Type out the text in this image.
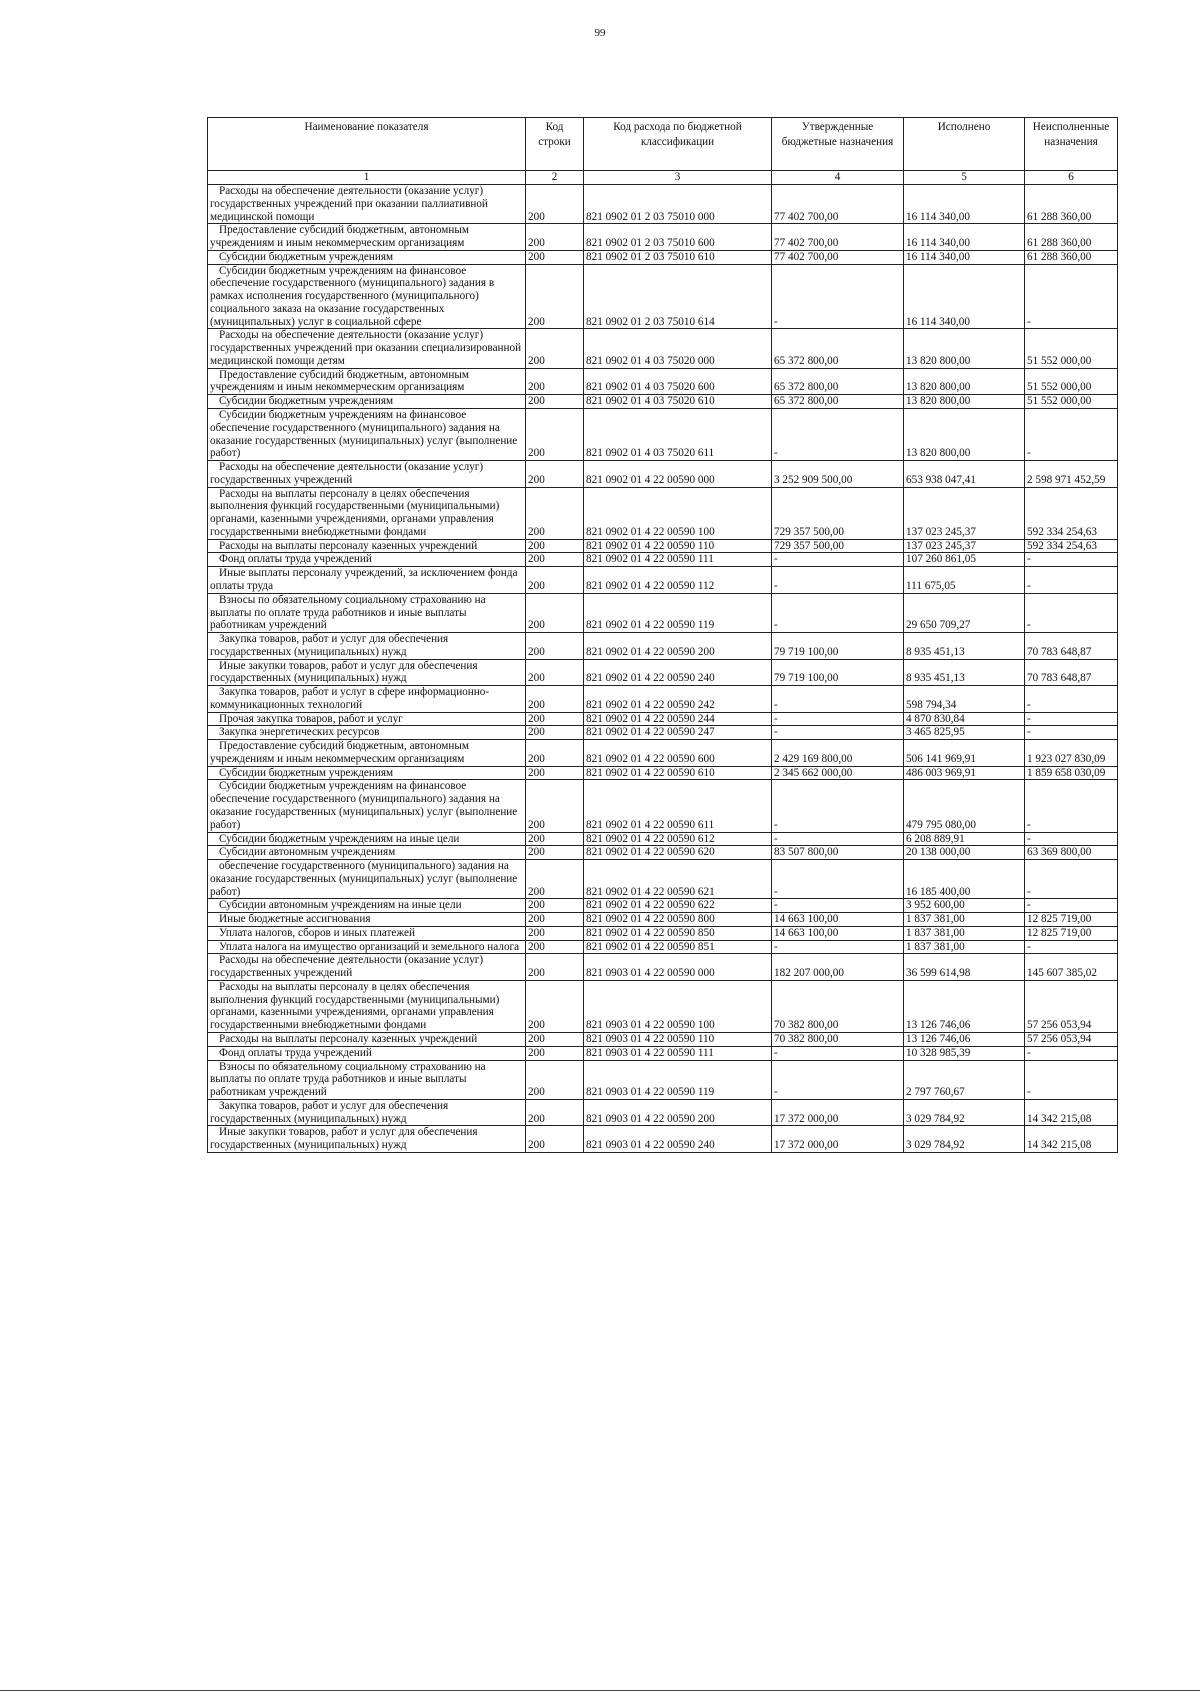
99
Наименование показателя	Код строки	Код расхода по бюджетной классификации	Утвержденные бюджетные назначения	Исполнено	Неисполненные назначения
1	2	3	4	5	6
Расходы на обеспечение деятельности (оказание услуг) государственных учреждений при оказании паллиативной медицинской помощи	200	821 0902 01 2 03 75010 000	77 402 700,00	16 114 340,00	61 288 360,00
Предоставление субсидий бюджетным, автономным учреждениям и иным некоммерческим организациям	200	821 0902 01 2 03 75010 600	77 402 700,00	16 114 340,00	61 288 360,00
Субсидии бюджетным учреждениям	200	821 0902 01 2 03 75010 610	77 402 700,00	16 114 340,00	61 288 360,00
Субсидии бюджетным учреждениям на финансовое обеспечение государственного (муниципального) задания в рамках исполнения государственного (муниципального) социального заказа на оказание государственных (муниципальных) услуг в социальной сфере	200	821 0902 01 2 03 75010 614	-	16 114 340,00	-
Расходы на обеспечение деятельности (оказание услуг) государственных учреждений при оказании специализированной медицинской помощи детям	200	821 0902 01 4 03 75020 000	65 372 800,00	13 820 800,00	51 552 000,00
Предоставление субсидий бюджетным, автономным учреждениям и иным некоммерческим организациям	200	821 0902 01 4 03 75020 600	65 372 800,00	13 820 800,00	51 552 000,00
Субсидии бюджетным учреждениям	200	821 0902 01 4 03 75020 610	65 372 800,00	13 820 800,00	51 552 000,00
Субсидии бюджетным учреждениям на финансовое обеспечение государственного (муниципального) задания на оказание государственных (муниципальных) услуг (выполнение работ)	200	821 0902 01 4 03 75020 611	-	13 820 800,00	-
Расходы на обеспечение деятельности (оказание услуг) государственных учреждений	200	821 0902 01 4 22 00590 000	3 252 909 500,00	653 938 047,41	2 598 971 452,59
Расходы на выплаты персоналу в целях обеспечения выполнения функций государственными (муниципальными) органами, казенными учреждениями, органами управления государственными внебюджетными фондами	200	821 0902 01 4 22 00590 100	729 357 500,00	137 023 245,37	592 334 254,63
Расходы на выплаты персоналу казенных учреждений	200	821 0902 01 4 22 00590 110	729 357 500,00	137 023 245,37	592 334 254,63
Фонд оплаты труда учреждений	200	821 0902 01 4 22 00590 111	-	107 260 861,05	-
Иные выплаты персоналу учреждений, за исключением фонда оплаты труда	200	821 0902 01 4 22 00590 112	-	111 675,05	-
Взносы по обязательному социальному страхованию на выплаты по оплате труда работников и иные выплаты работникам учреждений	200	821 0902 01 4 22 00590 119	-	29 650 709,27	-
Закупка товаров, работ и услуг для обеспечения государственных (муниципальных) нужд	200	821 0902 01 4 22 00590 200	79 719 100,00	8 935 451,13	70 783 648,87
Иные закупки товаров, работ и услуг для обеспечения государственных (муниципальных) нужд	200	821 0902 01 4 22 00590 240	79 719 100,00	8 935 451,13	70 783 648,87
Закупка товаров, работ и услуг в сфере информационно-коммуникационных технологий	200	821 0902 01 4 22 00590 242	-	598 794,34	-
Прочая закупка товаров, работ и услуг	200	821 0902 01 4 22 00590 244	-	4 870 830,84	-
Закупка энергетических ресурсов	200	821 0902 01 4 22 00590 247	-	3 465 825,95	-
Предоставление субсидий бюджетным, автономным учреждениям и иным некоммерческим организациям	200	821 0902 01 4 22 00590 600	2 429 169 800,00	506 141 969,91	1 923 027 830,09
Субсидии бюджетным учреждениям	200	821 0902 01 4 22 00590 610	2 345 662 000,00	486 003 969,91	1 859 658 030,09
Субсидии бюджетным учреждениям на финансовое обеспечение государственного (муниципального) задания на оказание государственных (муниципальных) услуг (выполнение работ)	200	821 0902 01 4 22 00590 611	-	479 795 080,00	-
Субсидии бюджетным учреждениям на иные цели	200	821 0902 01 4 22 00590 612	-	6 208 889,91	-
Субсидии автономным учреждениям	200	821 0902 01 4 22 00590 620	83 507 800,00	20 138 000,00	63 369 800,00
обеспечение государственного (муниципального) задания на оказание государственных (муниципальных) услуг (выполнение работ)	200	821 0902 01 4 22 00590 621	-	16 185 400,00	-
Субсидии автономным учреждениям на иные цели	200	821 0902 01 4 22 00590 622	-	3 952 600,00	-
Иные бюджетные ассигнования	200	821 0902 01 4 22 00590 800	14 663 100,00	1 837 381,00	12 825 719,00
Уплата налогов, сборов и иных платежей	200	821 0902 01 4 22 00590 850	14 663 100,00	1 837 381,00	12 825 719,00
Уплата налога на имущество организаций и земельного налога	200	821 0902 01 4 22 00590 851	-	1 837 381,00	-
Расходы на обеспечение деятельности (оказание услуг) государственных учреждений	200	821 0903 01 4 22 00590 000	182 207 000,00	36 599 614,98	145 607 385,02
Расходы на выплаты персоналу в целях обеспечения выполнения функций государственными (муниципальными) органами, казенными учреждениями, органами управления государственными внебюджетными фондами	200	821 0903 01 4 22 00590 100	70 382 800,00	13 126 746,06	57 256 053,94
Расходы на выплаты персоналу казенных учреждений	200	821 0903 01 4 22 00590 110	70 382 800,00	13 126 746,06	57 256 053,94
Фонд оплаты труда учреждений	200	821 0903 01 4 22 00590 111	-	10 328 985,39	-
Взносы по обязательному социальному страхованию на выплаты по оплате труда работников и иные выплаты работникам учреждений	200	821 0903 01 4 22 00590 119	-	2 797 760,67	-
Закупка товаров, работ и услуг для обеспечения государственных (муниципальных) нужд	200	821 0903 01 4 22 00590 200	17 372 000,00	3 029 784,92	14 342 215,08
Иные закупки товаров, работ и услуг для обеспечения государственных (муниципальных) нужд	200	821 0903 01 4 22 00590 240	17 372 000,00	3 029 784,92	14 342 215,08
